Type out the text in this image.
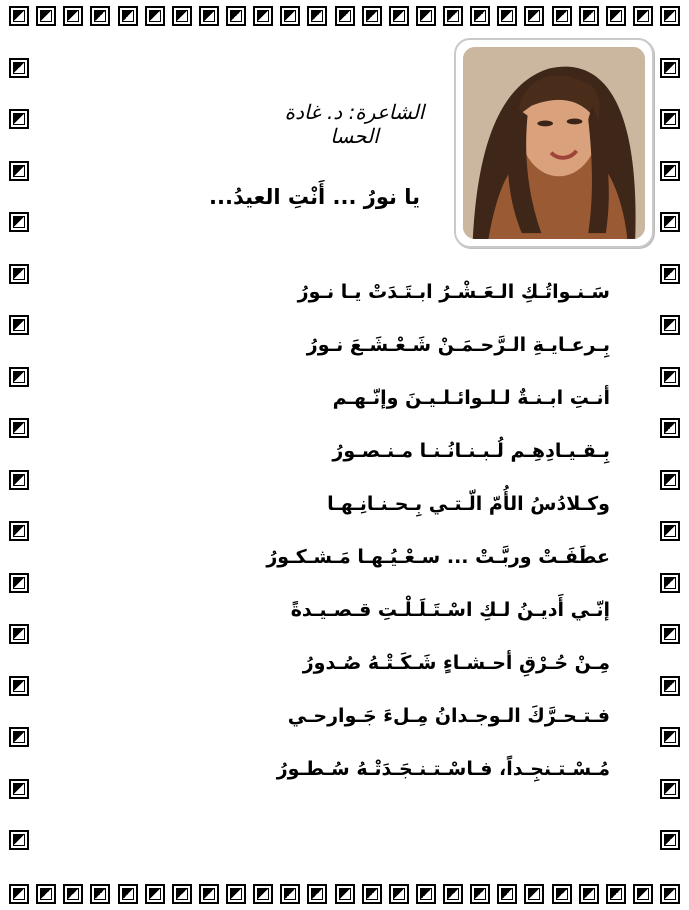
الشاعرة: د. غادة الحسا
يا نورُ ... أَنْتِ العيدُ...
سَـنـواتُـكِ الـعَـشْـرُ ابـتَـدَتْ يـا نـورُ
بِـرعـايـةِ الـرَّحـمَـنْ شَـعْـشَـعَ نـورُ
أنـتِ ابـنـةٌ لـلـوائـلـيـنَ وإنّـهـم
بِـقـيـادِهِـم لُـبـنـانُـنـا مـنـصـورُ
وكـلادُسُ الأُمّ الّـتـي بِـحـنـانِـهـا
عطَفَـتْ وربَّـتْ ... سـعْـيُـهـا مَـشـكـورُ
إنّـي أَديـنُ لـكِ اسْـتَـلَـلْـتِ قـصـيـدةً
مِـنْ حُـرْقِ أحـشـاءٍ شَـكَـتْـهُ صُـدورُ
فـتـحـرَّكَ الـوجـدانُ مِـلءَ جَـوارحـي
مُـسْـتـنجِـداً، فـاسْـتـنـجَـدَتْـهُ سُـطـورُ
